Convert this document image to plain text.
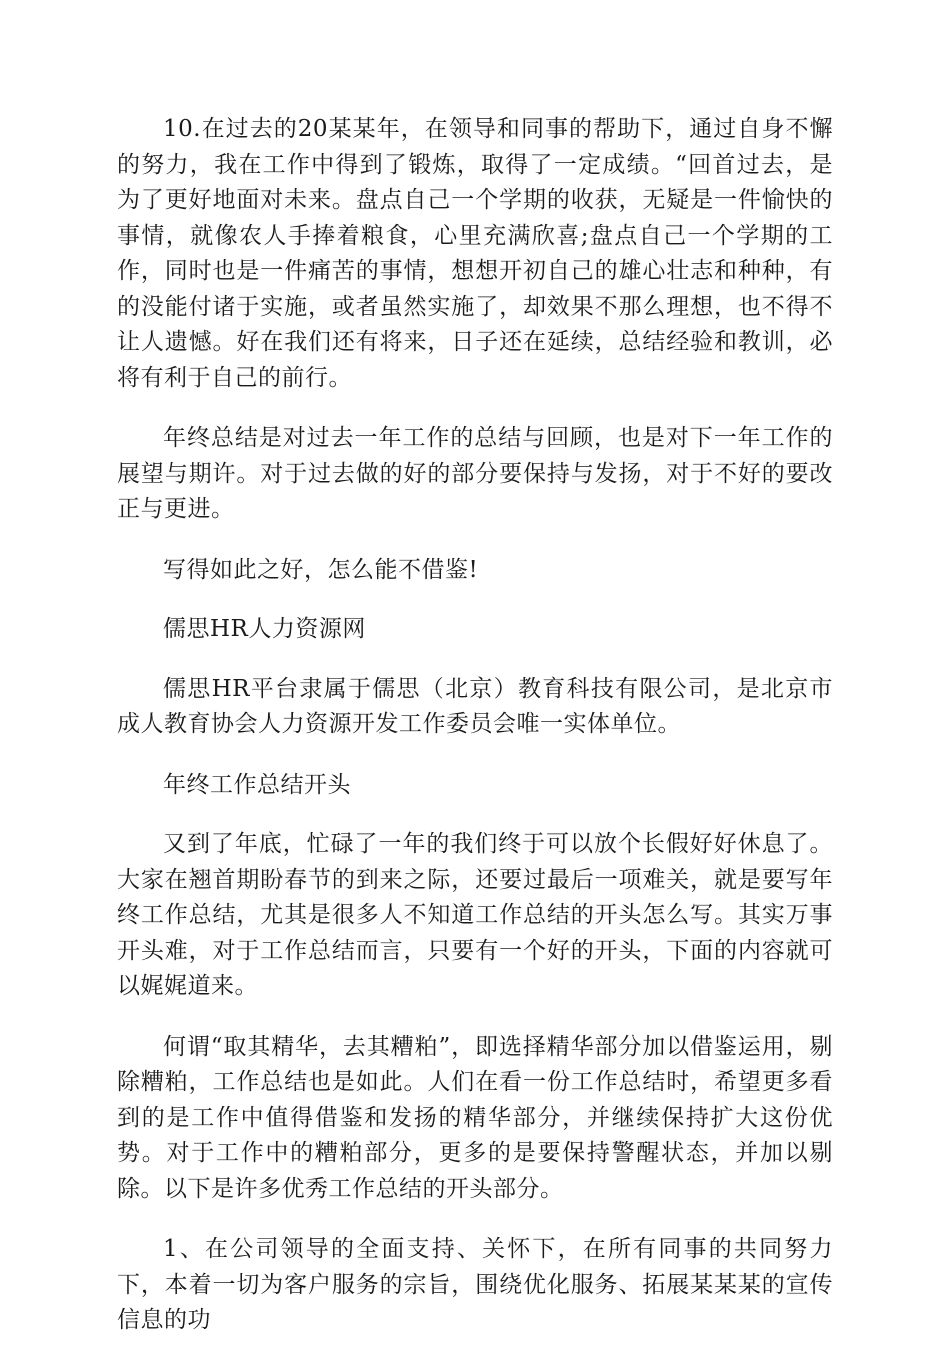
10.在过去的20某某年，在领导和同事的帮助下，通过自身不懈的努力，我在工作中得到了锻炼，取得了一定成绩。“回首过去，是为了更好地面对未来。盘点自己一个学期的收获，无疑是一件愉快的事情，就像农人手捧着粮食，心里充满欣喜;盘点自己一个学期的工作，同时也是一件痛苦的事情，想想开初自己的雄心壮志和种种，有的没能付诸于实施，或者虽然实施了，却效果不那么理想，也不得不让人遗憾。好在我们还有将来，日子还在延续，总结经验和教训，必将有利于自己的前行。

年终总结是对过去一年工作的总结与回顾，也是对下一年工作的展望与期许。对于过去做的好的部分要保持与发扬，对于不好的要改正与更进。

写得如此之好，怎么能不借鉴!

儒思HR人力资源网

儒思HR平台隶属于儒思（北京）教育科技有限公司，是北京市成人教育协会人力资源开发工作委员会唯一实体单位。

年终工作总结开头

又到了年底，忙碌了一年的我们终于可以放个长假好好休息了。大家在翘首期盼春节的到来之际，还要过最后一项难关，就是要写年终工作总结，尤其是很多人不知道工作总结的开头怎么写。其实万事开头难，对于工作总结而言，只要有一个好的开头，下面的内容就可以娓娓道来。

何谓“取其精华，去其糟粕”，即选择精华部分加以借鉴运用，剔除糟粕，工作总结也是如此。人们在看一份工作总结时，希望更多看到的是工作中值得借鉴和发扬的精华部分，并继续保持扩大这份优势。对于工作中的糟粕部分，更多的是要保持警醒状态，并加以剔除。以下是许多优秀工作总结的开头部分。

1、在公司领导的全面支持、关怀下，在所有同事的共同努力下，本着一切为客户服务的宗旨，围绕优化服务、拓展某某某的宣传信息的功
